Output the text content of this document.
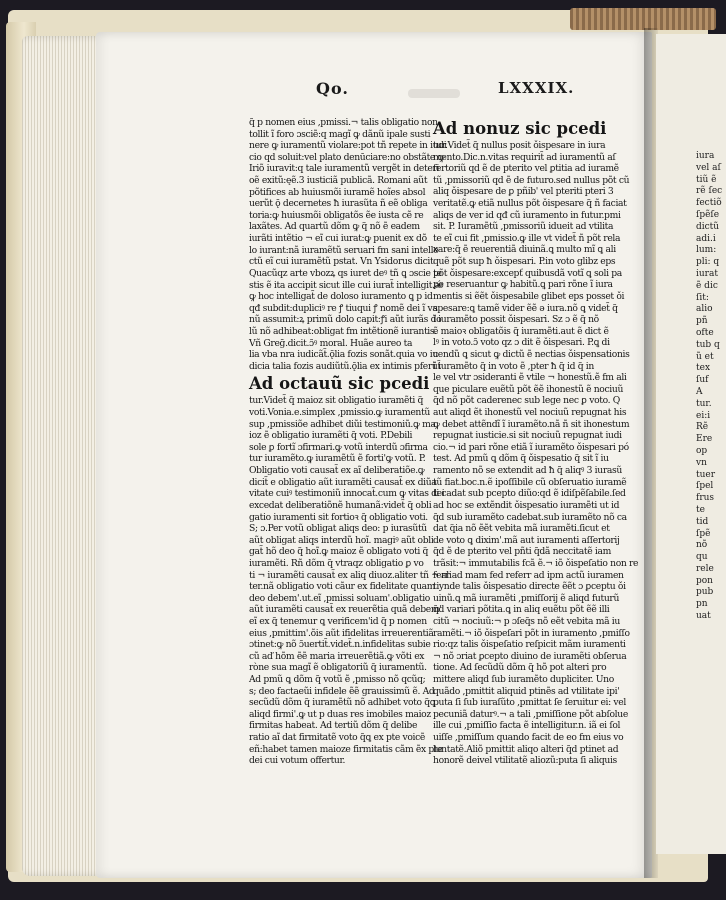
Qo.	LXXXIX.
q̃ p nomen eius ,pmissi.¬ talis obligatio non
tollit ĩ foro ɔsciẽ:q magĩ ꝙ dãnũ ipale susti
nere ꝙ iuramentũ violare:pot tñ repete in iudi
cio qd soluit:vel plato denūciare:no obstãte ꝙ
Iriõ iuravit:q tale iuramentũ vergẽt in deteri
oẽ exitũ:ęẽ.3 iusticiã publicã. Romani aũt
põtifices ab huiusmõi iuramẽ hoĩes absol
uerũt ǭ decernetes ħ iurasũta ñ eẽ obliga
toria:ꝙ huiusmõi obligatõs ẽe iusta cẽ re
laxãtes. Ad quartũ dõm ꝙ q̃ nõ ẽ eadem
iurãti intẽtio ¬ eĩ cui iurat:ꝙ puenit ex dõ
lo iurant:nã iuramẽtũ seruari fm sani intelle
ctũ eĩ cui iuramẽtũ pstat. Vn Ysidorus dicit
Quacũqz arte vbozꝝ qs iuret deꝰ tñ ꝗ ɔscie te
stis ẽ ita accipit sicut ille cui iurat̃ intelligit.ǽ
ꝙ hoc intelligat̃ de doloso iuramento ꝗ p id
qđ subdit:dupliciꝰ re ꝭ tiuqui ꝭ nomẽ dei ĩ va
nũ assumit:ꝝ primũ dolo capit:ꝭi aũt iurãs do
lũ nõ adhibeat:obligat fm intẽtionẽ iurantis.
Vñ Greḡ.dicit.ɔ̃ꝰ moral. Huãe aureo ta
lia vba nra iudicãt̃.ǭlia fozis sonãt.quia vo iu
dicia talia fozis audiũtũ.ǭlia ex intimis pferũt̃
Ad octauũ sic pcedi
tur.Videt̃ q̃ maioz sit obligatio iuramẽti q̃
voti.Vonia.e.simplex ,pmissio.ꝙ iuramentũ
sup ,pmissiõe adhibet diũi testimoniũ.ꝙ ma
ioz ẽ obligatio iuramẽti q̃ voti. P.Debili
sole ꝑ fortĩ ɔfirmari.ꝙ votũ interdũ ɔfirma
tur iuramẽto.ꝙ iuramẽtũ ẽ forti'ꝙ votũ. P.
Obligatio voti causat̃ ex aĩ deliberatiõe.ꝙ
dicit̃ e obligatio aũt iuramẽti causat̃ ex diũa
vitate cuiꝰ testimoniũ innocat̃.cum ꝙ vitas dei
excedat deliberatiõnẽ humanã:videt̃ q̃ obli
gatio iuramenti sit fortioꝛ q̃ obligatio voti.
S; ɔ.Per votũ obligat aliqs deo: p iurasũtũ
aũt obligat aliqs interdũ hoĩ. magiꝰ aũt obli
gat̃ hõ deo q̃ hoĩ.ꝙ maioz ẽ obligato voti q̃
iuramẽti. Rñ dõm q̃ vtraqz obligatio ꝑ vo
ti ¬ iuramẽti causat̃ ex aliq diuoz.aliter tñ ¬ ali
ter.nã obligatio voti cãur ex fidelitate quam
deo debem'.ut.eĩ ,pmissi soluam'.obligatio
aũt iuramẽti causat̃ ex reuerẽtia quã debem'
eĩ ex q̃ tenemur ꝗ verificem'id q̃ p nomen
eius ,pmittim'.õis aũt ifidelitas irreuerentiã
ɔtinet:ꝙ nõ ɔ̃uertit̃.videt̃.n.infidelitas subie
cũ aď hõm ẽẽ maria irreuerẽtiã.ꝙ võti ex
ròne sua magĩ ẽ obligatoriũ q̃ iuramentũ.
Ad pmũ ꝗ dõm q̃ votũ ẽ ,pmisso nõ qcũq;
s; deo factaeũi infidele ẽẽ grauissimũ ẽ. Ad
secũdũ dõm q̃ iuramẽtũ nõ adhibet voto q̃ꝗ
aliqd firmi'.ꝙ ut p duas res imobiles maioz
firmitas habeat. Ad tertiũ dõm q̃ delibe
ratio aĩ dat firmitatẽ voto q̃ꝗ ex pte voicẽ
eñ:habet tamen maioze firmitatis cãm ẽx pte
dei cui votum offertur.
Ad nonuz sic pcedi
tur.Videt̃ q̃ nullus posit ǒispesare in iura
mento.Dic.n.vitas requirit̃ ad iuramentũ aſ
fertoriũ qd ẽ de pterito vel ꝑtitia ad iuramẽ
tũ ,pmissoriũ qd ẽ de futuro.sed nullus põt cũ
aliq ǒispesare de ꝑ pñib' vel pteriti pteri 3
veritatẽ.ꝙ etiã nullus põt ǒispesare q̃ ñ faciat
aliqs de ver id qđ cũ iuramento in futur.pmi
sit. P. Iuramẽtũ ,pmissoriũ idueit ad vtilita
te eĩ cui fit ,pmissio.ꝙ ille vt videt̃ ñ põt rela
xare:q̃ ẽ reuerentiã diuinã.ꝗ multo mĩ ꝗ ali
quẽ põt sup ħ ǒispesari. P.in voto glibz eps
põt ǒispesare:excepť quibusdã votĩ ꝗ soli pa
pe reseruantur ꝙ habitũ.ꝗ pari rõne ĩ iura
mentis si ẽẽt ǒispesabile glibet eps posset ǒi
spesare:ꝗ tamẽ vider ẽẽ ǝ iura.nõ ꝗ videt̃ q̃
ĩ iuramẽto possit ǒispesari. Sz ɔ ẽ q̃ nõ
ẽ maioꝛ obligatõis q̃ iuramẽti.aut ẽ dict ẽ
lꝰ in voto.ɔ̃ voto qz ɔ dit ẽ ǒispesari. P.ꝗ di
cendũ ꝗ sicut ꝙ dictũ ẽ nectias ǒispensationis
ĩ iuramẽto q̃ in voto ẽ ,pter ħ q̃ id q̃ in
le vel vtr ɔsideranti ẽ vtile ¬ honestũ.ẽ fm ali
que piculare euẽtũ põt ẽẽ ihonestũ ẽ nociuũ
q̃d nõ põt caderenec sub lege nec ꝑ voto. Q
aut aliqd ẽt ihonestũ vel nociuũ repugnat his
ꝙ debet attẽndĩ ĩ iuramẽto.nã ñ sit ihonestum
repugnat iusticie.si sit nociuũ repugnat iudi
cio.¬ id pari rõne etiã ĩ iuramẽto ǒispesari pó
test. Ad pmũ ꝗ dõm q̃ ǒispesatio q̃ sit ĩ iu
ramento nõ se extendit ad ħ q̃ aliqꝰ 3 iurasũ
tũ fiat.boc.n.ẽ ipoſſibile cũ obſeruatio iuramẽ
ti cadat sub pcepto diũo:qd ẽ idiſpẽſabile.ſed
ad hoc se extẽndit ǒispesatio iuramẽti ut id
q̃d sub iuramẽto cadebat.sub iuramẽto nõ ca
dat q̃ia nõ ẽẽt vebita mã iuramẽti.ſicut et
de voto ꝗ dixim'.mã aut iuramenti aſſertorij
q̃d ẽ de pterito vel pñti q̃dã neccitatẽ iam
trãsit:¬ immutabilis fcã ẽ.¬ iõ ǒispeſatio non re
ferr ad mam fed referr ad ipm actũ iuramen
tiynde talis ǒispesatio directe ẽẽt ɔ ꝑceptu ǒi
uinũ.ꝗ mã iuramẽti ,pmiſſorij ẽ aliqd futurũ
q̃d variari põtita.ꝗ in aliq euẽtu põt ẽẽ illi
citũ ¬ nociuũ:¬ p ɔſeq̃s nõ eẽt vebita mã iu
ramẽti.¬ iõ ǒispeſari põt in iuramento ,pmiſſo
rio:qz talis ǒispeſatio reſpicit mãm iuramenti
¬ nõ ɔriat ꝑcepto diuino de iuramẽti obſerua
tione. Ad ſecũdũ dõm q̃ hõ pot alteri pro
mittere aliqd ſub iuramẽto dupliciter. Uno
quãdo ,pmittit aliquid ptinẽs ad vtilitate ipi'
puta ſi ſub iuraſũto ,pmittat ſe ſeruitur ei: vel
pecuniã daturꝰ.¬ a tali ,pmiſſione põt abſolue
ille cui ,pmiſſio facta ẽ intelligitur.n. iã ei ſol
uiſſe ,pmiſſum quando facit de eo fm eius vo
luntatẽ.Aliõ pmittit aliqo alteri q̃d ptinet ad
honorẽ deivel vtilitatẽ aliozũ:puta ſi aliquis
iura
vel aſ
tiũ ẽ
rẽ ſec
fectiõ
ſpẽſe
dictũ
adi.i
lum:
pli: q
iurat
ẽ dic
ſit:
alio
pñ
ofte
tub q
ũ et
tex
ſuf
A
tur.
ei:i
Rẽ
Ere
op
vn
tuer
ſpel
frus
te
tid
ſpẽ
nõ
qu
rele
pon
pub
pn
uat
